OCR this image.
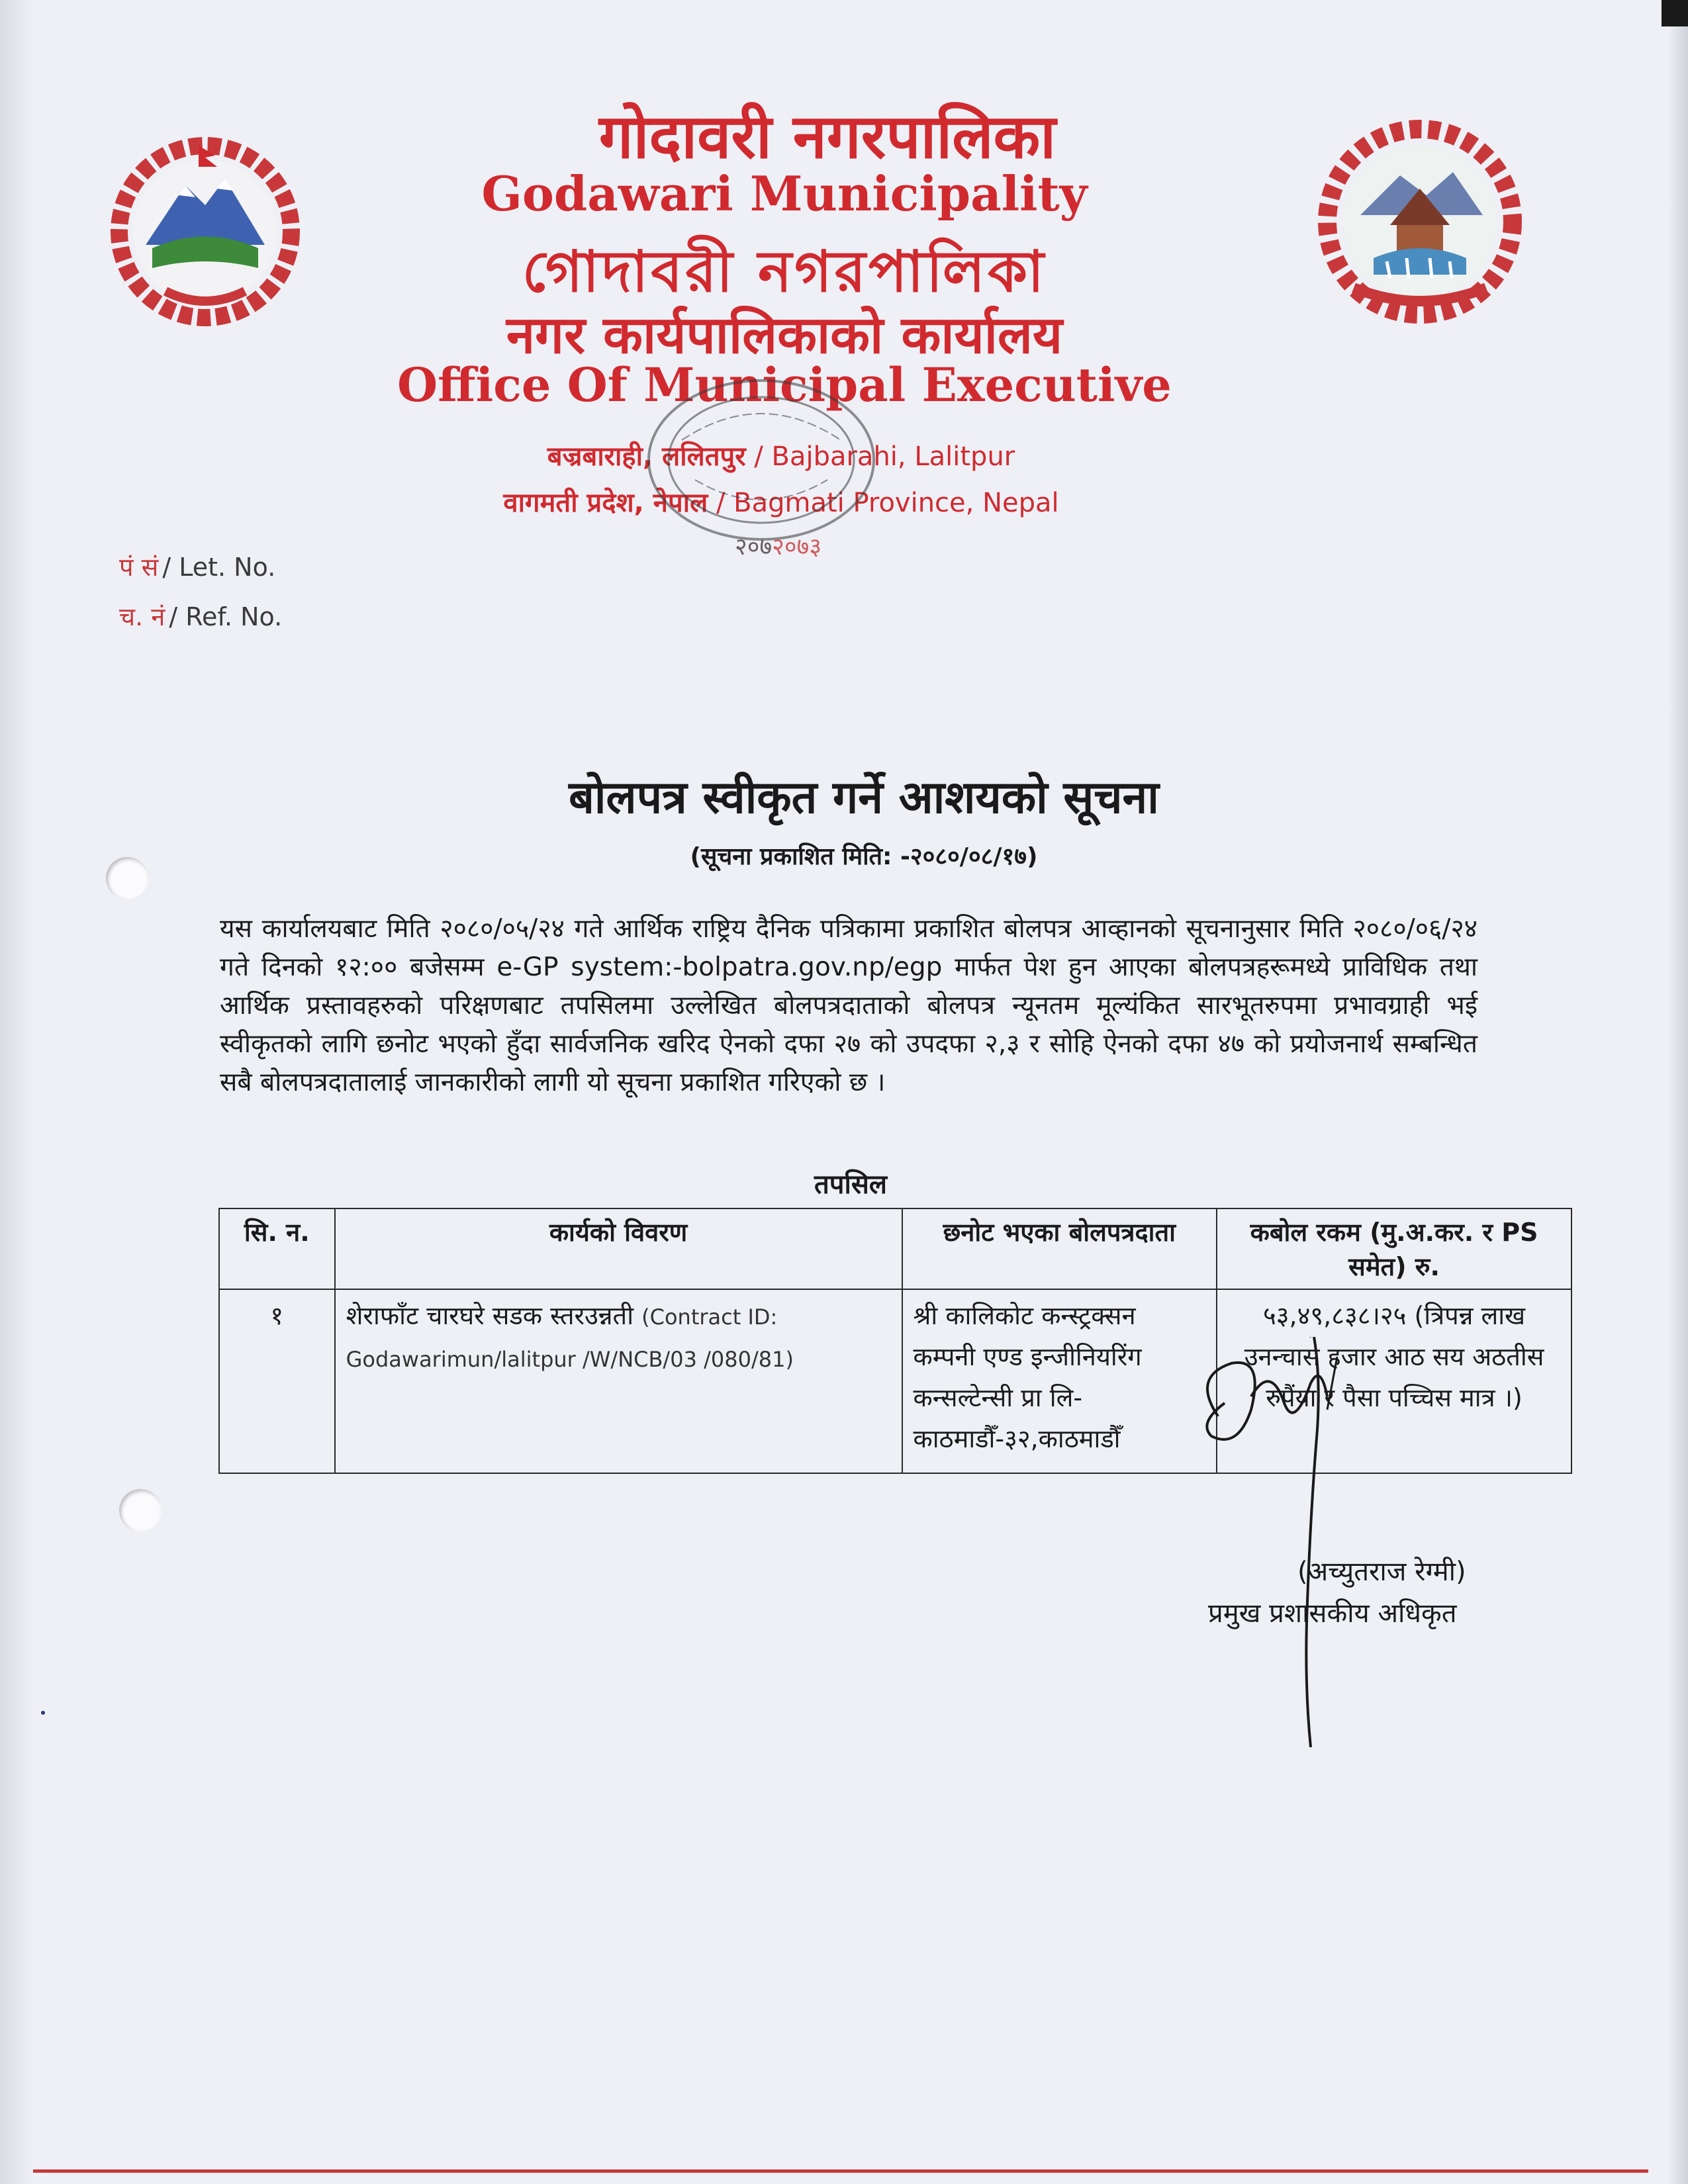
गोदावरी नगरपालिका
Godawari Municipality
গোদাবরী নগরপালিকা
नगर कार्यपालिकाको कार्यालय
Office Of Municipal Executive
बज्रबाराही, ललितपुर / Bajbarahi, Lalitpur
वागमती प्रदेश, नेपाल / Bagmati Province, Nepal
२०७२०७३
पं सं / Let. No.
च. नं / Ref. No.
बोलपत्र स्वीकृत गर्ने आशयको सूचना
(सूचना प्रकाशित मिति: -२०८०/०८/१७)
यस कार्यालयबाट मिति २०८०/०५/२४ गते आर्थिक राष्ट्रिय दैनिक पत्रिकामा प्रकाशित बोलपत्र आव्हानको सूचनानुसार मिति २०८०/०६/२४ गते दिनको १२:०० बजेसम्म e-GP system:-bolpatra.gov.np/egp मार्फत पेश हुन आएका बोलपत्रहरूमध्ये प्राविधिक तथा आर्थिक प्रस्तावहरुको परिक्षणबाट तपसिलमा उल्लेखित बोलपत्रदाताको बोलपत्र न्यूनतम मूल्यंकित सारभूतरुपमा प्रभावग्राही भई स्वीकृतको लागि छनोट भएको हुँदा सार्वजनिक खरिद ऐनको दफा २७ को उपदफा २,३ र सोहि ऐनको दफा ४७ को प्रयोजनार्थ सम्बन्धित सबै बोलपत्रदातालाई जानकारीको लागी यो सूचना प्रकाशित गरिएको छ ।
तपसिल
सि. न.	कार्यको विवरण	छनोट भएका बोलपत्रदाता	कबोल रकम (मु.अ.कर. र PS समेत) रु.
१	शेराफाँट चारघरे सडक स्तरउन्नती (Contract ID: Godawarimun/lalitpur /W/NCB/03 /080/81)	श्री कालिकोट कन्स्ट्रक्सन कम्पनी एण्ड इन्जीनियरिंग कन्सल्टेन्सी प्रा लि- काठमाडौँ-३२,काठमाडौँ	५३,४९,८३८।२५ (त्रिपन्न लाख उनन्चास हजार आठ सय अठतीस रुपैंया र पैसा पच्चिस मात्र ।)
(अच्युतराज रेग्मी)
प्रमुख प्रशासकीय अधिकृत
